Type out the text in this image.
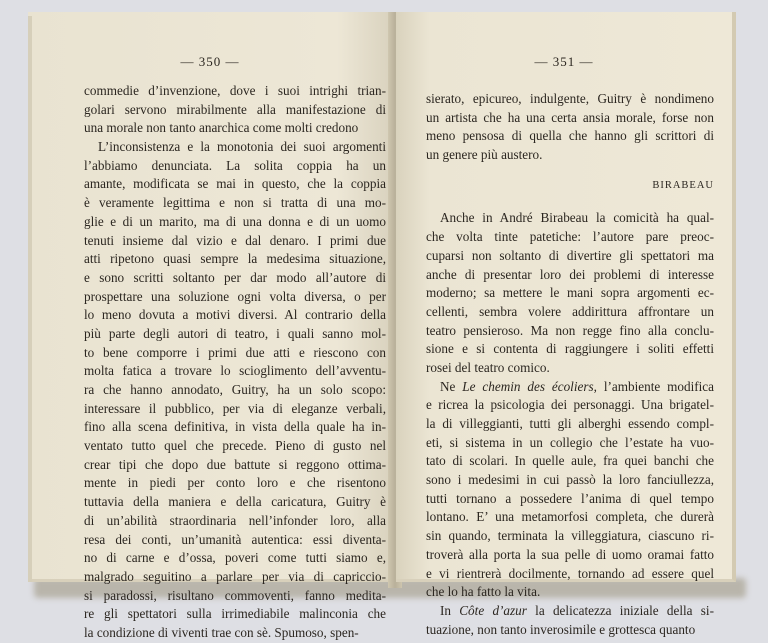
— 350 —
commedie d’invenzione, dove i suoi intrighi trian-
golari servono mirabilmente alla manifestazione di
una morale non tanto anarchica come molti credono
L’inconsistenza e la monotonia dei suoi argomenti
l’abbiamo denunciata. La solita coppia ha un
amante, modificata se mai in questo, che la coppia
è veramente legittima e non si tratta di una mo-
glie e di un marito, ma di una donna e di un uomo
tenuti insieme dal vizio e dal denaro. I primi due
atti ripetono quasi sempre la medesima situazione,
e sono scritti soltanto per dar modo all’autore di
prospettare una soluzione ogni volta diversa, o per
lo meno dovuta a motivi diversi. Al contrario della
più parte degli autori di teatro, i quali sanno mol-
to bene comporre i primi due atti e riescono con
molta fatica a trovare lo scioglimento dell’avventu-
ra che hanno annodato, Guitry, ha un solo scopo:
interessare il pubblico, per via di eleganze verbali,
fino alla scena definitiva, in vista della quale ha in-
ventato tutto quel che precede. Pieno di gusto nel
crear tipi che dopo due battute si reggono ottima-
mente in piedi per conto loro e che risentono
tuttavia della maniera e della caricatura, Guitry è
di un’abilità straordinaria nell’infonder loro, alla
resa dei conti, un’umanità autentica: essi diventa-
no di carne e d’ossa, poveri come tutti siamo e,
malgrado seguitino a parlare per via di capriccio-
si paradossi, risultano commoventi, fanno medita-
re gli spettatori sulla irrimediabile malinconia che
la condizione di viventi trae con sè. Spumoso, spen-
— 351 —
sierato, epicureo, indulgente, Guitry è nondimeno
un artista che ha una certa ansia morale, forse non
meno pensosa di quella che hanno gli scrittori di
un genere più austero.
BIRABEAU
Anche in André Birabeau la comicità ha qual-
che volta tinte patetiche: l’autore pare preoc-
cuparsi non soltanto di divertire gli spettatori ma
anche di presentar loro dei problemi di interesse
moderno; sa mettere le mani sopra argomenti ec-
cellenti, sembra volere addirittura affrontare un
teatro pensieroso. Ma non regge fino alla conclu-
sione e si contenta di raggiungere i soliti effetti
rosei del teatro comico.
Ne Le chemin des écoliers, l’ambiente modifica
e ricrea la psicologia dei personaggi. Una brigatel-
la di villeggianti, tutti gli alberghi essendo compl-
eti, si sistema in un collegio che l’estate ha vuo-
tato di scolari. In quelle aule, fra quei banchi che
sono i medesimi in cui passò la loro fanciullezza,
tutti tornano a possedere l’anima di quel tempo
lontano. E’ una metamorfosi completa, che durerà
sin quando, terminata la villeggiatura, ciascuno ri-
troverà alla porta la sua pelle di uomo oramai fatto
e vi rientrerà docilmente, tornando ad essere quel
che lo ha fatto la vita.
In Côte d’azur la delicatezza iniziale della si-
tuazione, non tanto inverosimile e grottesca quanto
